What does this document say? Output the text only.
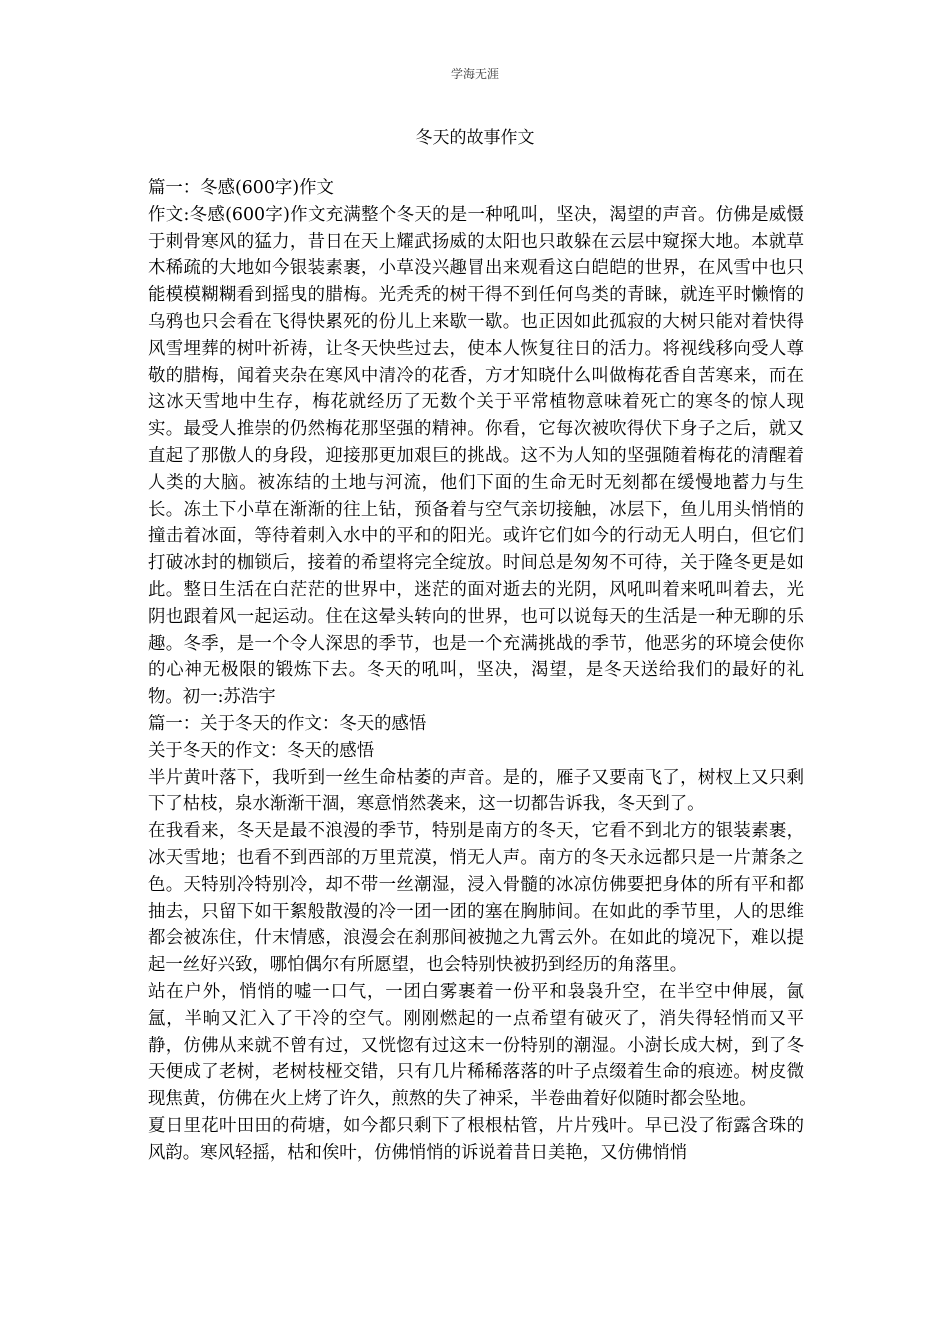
学海无涯
冬天的故事作文

篇一：冬感(600字)作文

作文:冬感(600字)作文充满整个冬天的是一种吼叫，坚决，渴望的声音。仿佛是威慑于刺骨寒风的猛力，昔日在天上耀武扬威的太阳也只敢躲在云层中窥探大地。本就草木稀疏的大地如今银装素裹，小草没兴趣冒出来观看这白皑皑的世界，在风雪中也只能模模糊糊看到摇曳的腊梅。光秃秃的树干得不到任何鸟类的青睐，就连平时懒惰的乌鸦也只会看在飞得快累死的份儿上来歇一歇。也正因如此孤寂的大树只能对着快得风雪埋葬的树叶祈祷，让冬天快些过去，使本人恢复往日的活力。将视线移向受人尊敬的腊梅，闻着夹杂在寒风中清冷的花香，方才知晓什么叫做梅花香自苦寒来，而在这冰天雪地中生存，梅花就经历了无数个关于平常植物意味着死亡的寒冬的惊人现实。最受人推崇的仍然梅花那坚强的精神。你看，它每次被吹得伏下身子之后，就又直起了那傲人的身段，迎接那更加艰巨的挑战。这不为人知的坚强随着梅花的清醒着人类的大脑。被冻结的土地与河流，他们下面的生命无时无刻都在缓慢地蓄力与生长。冻土下小草在渐渐的往上钻，预备着与空气亲切接触，冰层下，鱼儿用头悄悄的撞击着冰面，等待着刺入水中的平和的阳光。或许它们如今的行动无人明白，但它们打破冰封的枷锁后，接着的希望将完全绽放。时间总是匆匆不可待，关于隆冬更是如此。整日生活在白茫茫的世界中，迷茫的面对逝去的光阴，风吼叫着来吼叫着去，光阴也跟着风一起运动。住在这晕头转向的世界，也可以说每天的生活是一种无聊的乐趣。冬季，是一个令人深思的季节，也是一个充满挑战的季节，他恶劣的环境会使你的心神无极限的锻炼下去。冬天的吼叫，坚决，渴望，是冬天送给我们的最好的礼物。初一:苏浩宇

篇一：关于冬天的作文：冬天的感悟

关于冬天的作文：冬天的感悟

半片黄叶落下，我听到一丝生命枯萎的声音。是的，雁子又要南飞了，树杈上又只剩下了枯枝，泉水渐渐干涸，寒意悄然袭来，这一切都告诉我，冬天到了。

在我看来，冬天是最不浪漫的季节，特别是南方的冬天，它看不到北方的银装素裹，冰天雪地；也看不到西部的万里荒漠，悄无人声。南方的冬天永远都只是一片萧条之色。天特别冷特别冷，却不带一丝潮湿，浸入骨髓的冰凉仿佛要把身体的所有平和都抽去，只留下如干絮般散漫的冷一团一团的塞在胸肺间。在如此的季节里，人的思维都会被冻住，什末情感，浪漫会在刹那间被抛之九霄云外。在如此的境况下，难以提起一丝好兴致，哪怕偶尔有所愿望，也会特别快被扔到经历的角落里。

站在户外，悄悄的嘘一口气，一团白雾裹着一份平和袅袅升空，在半空中伸展，氤氲，半晌又汇入了干冷的空气。刚刚燃起的一点希望有破灭了，消失得轻悄而又平静，仿佛从来就不曾有过，又恍惚有过这末一份特别的潮湿。小澍长成大树，到了冬天便成了老树，老树枝桠交错，只有几片稀稀落落的叶子点缀着生命的痕迹。树皮微现焦黄，仿佛在火上烤了许久，煎熬的失了神采，半卷曲着好似随时都会坠地。

夏日里花叶田田的荷塘，如今都只剩下了根根枯管，片片残叶。早已没了衔露含珠的风韵。寒风轻摇，枯和俟叶，仿佛悄悄的诉说着昔日美艳，又仿佛悄悄
